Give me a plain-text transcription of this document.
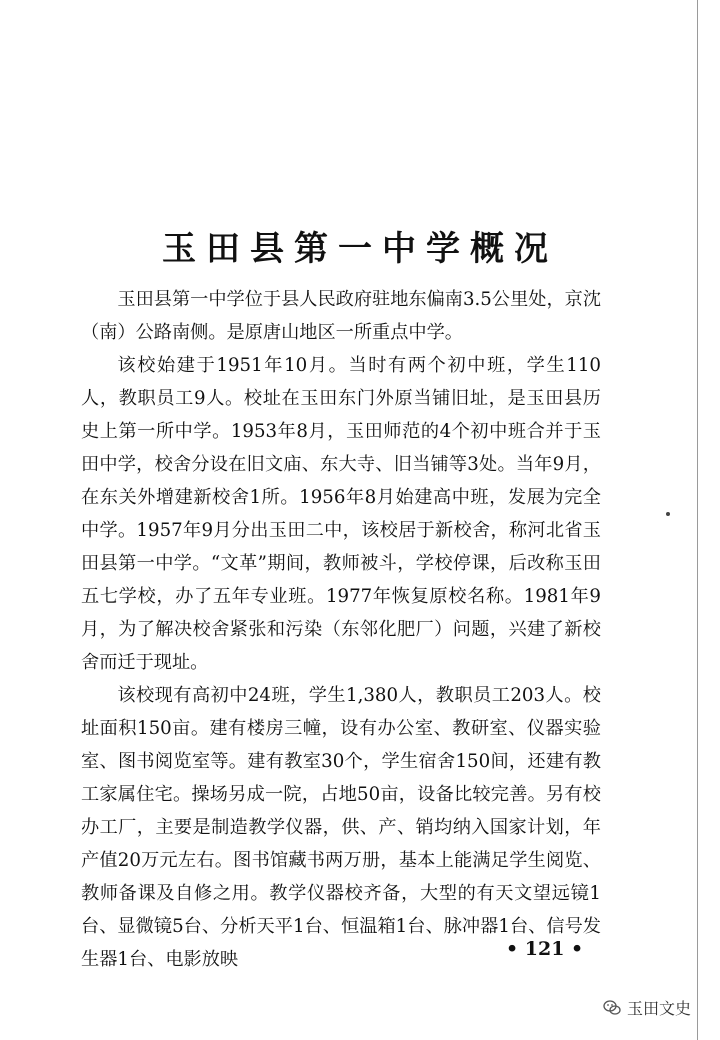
玉田县第一中学概况

玉田县第一中学位于县人民政府驻地东偏南3.5公里处，京沈（南）公路南侧。是原唐山地区一所重点中学。

该校始建于1951年10月。当时有两个初中班，学生110人，教职员工9人。校址在玉田东门外原当铺旧址，是玉田县历史上第一所中学。1953年8月，玉田师范的4个初中班合并于玉田中学，校舍分设在旧文庙、东大寺、旧当铺等3处。当年9月，在东关外增建新校舍1所。1956年8月始建高中班，发展为完全中学。1957年9月分出玉田二中，该校居于新校舍，称河北省玉田县第一中学。“文革”期间，教师被斗，学校停课，后改称玉田五七学校，办了五年专业班。1977年恢复原校名称。1981年9月，为了解决校舍紧张和污染（东邻化肥厂）问题，兴建了新校舍而迁于现址。

该校现有高初中24班，学生1,380人，教职员工203人。校址面积150亩。建有楼房三幢，设有办公室、教研室、仪器实验室、图书阅览室等。建有教室30个，学生宿舍150间，还建有教工家属住宅。操场另成一院，占地50亩，设备比较完善。另有校办工厂，主要是制造教学仪器，供、产、销均纳入国家计划，年产值20万元左右。图书馆藏书两万册，基本上能满足学生阅览、教师备课及自修之用。教学仪器校齐备，大型的有天文望远镜1台、显微镜5台、分析天平1台、恒温箱1台、脉冲器1台、信号发生器1台、电影放映	• 121 •
玉田文史
